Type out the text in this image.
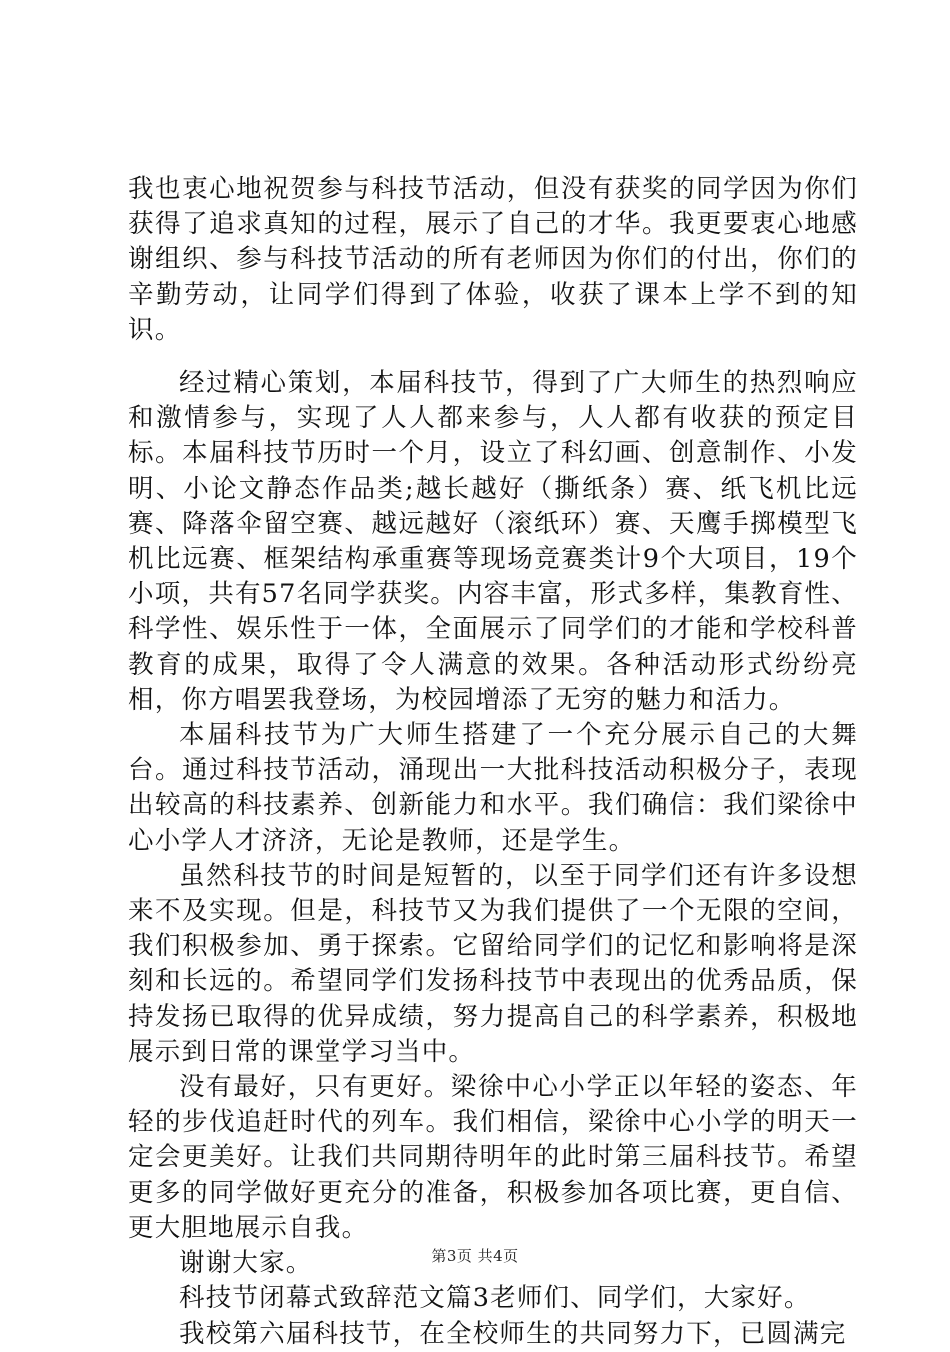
我也衷心地祝贺参与科技节活动，但没有获奖的同学因为你们获得了追求真知的过程，展示了自己的才华。我更要衷心地感谢组织、参与科技节活动的所有老师因为你们的付出，你们的辛勤劳动，让同学们得到了体验，收获了课本上学不到的知识。

经过精心策划，本届科技节，得到了广大师生的热烈响应和激情参与，实现了人人都来参与，人人都有收获的预定目标。本届科技节历时一个月，设立了科幻画、创意制作、小发明、小论文静态作品类;越长越好（撕纸条）赛、纸飞机比远赛、降落伞留空赛、越远越好（滚纸环）赛、天鹰手掷模型飞机比远赛、框架结构承重赛等现场竞赛类计9个大项目，19个小项，共有57名同学获奖。内容丰富，形式多样，集教育性、科学性、娱乐性于一体，全面展示了同学们的才能和学校科普教育的成果，取得了令人满意的效果。各种活动形式纷纷亮相，你方唱罢我登场，为校园增添了无穷的魅力和活力。

本届科技节为广大师生搭建了一个充分展示自己的大舞台。通过科技节活动，涌现出一大批科技活动积极分子，表现出较高的科技素养、创新能力和水平。我们确信：我们梁徐中心小学人才济济，无论是教师，还是学生。

虽然科技节的时间是短暂的，以至于同学们还有许多设想来不及实现。但是，科技节又为我们提供了一个无限的空间，我们积极参加、勇于探索。它留给同学们的记忆和影响将是深刻和长远的。希望同学们发扬科技节中表现出的优秀品质，保持发扬已取得的优异成绩，努力提高自己的科学素养，积极地展示到日常的课堂学习当中。

没有最好，只有更好。梁徐中心小学正以年轻的姿态、年轻的步伐追赶时代的列车。我们相信，梁徐中心小学的明天一定会更美好。让我们共同期待明年的此时第三届科技节。希望更多的同学做好更充分的准备，积极参加各项比赛，更自信、更大胆地展示自我。

谢谢大家。

科技节闭幕式致辞范文篇3老师们、同学们，大家好。

我校第六届科技节，在全校师生的共同努力下，已圆满完

第3页 共4页
